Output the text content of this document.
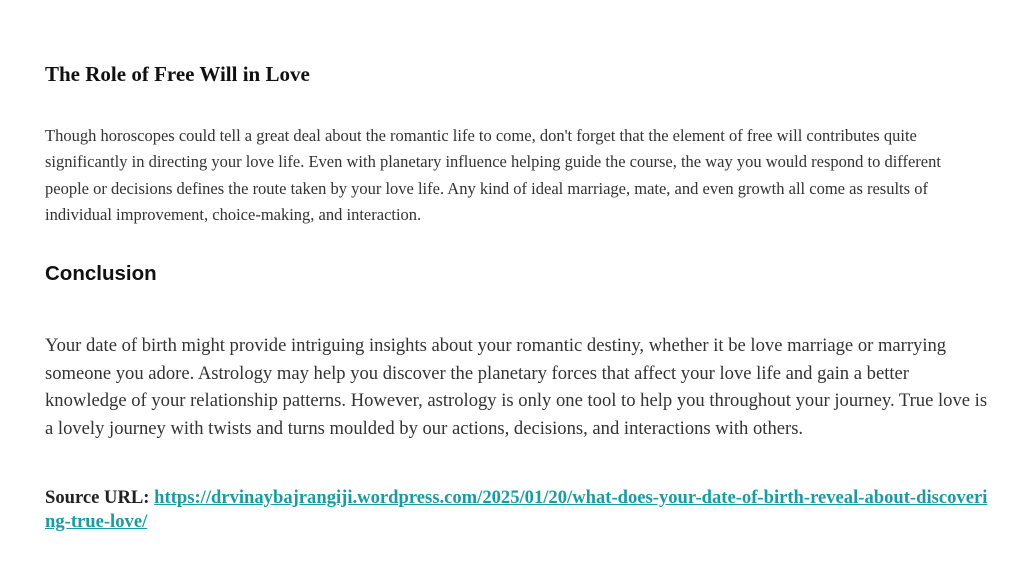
The Role of Free Will in Love

Though horoscopes could tell a great deal about the romantic life to come, don't forget that the element of free will contributes quite significantly in directing your love life. Even with planetary influence helping guide the course, the way you would respond to different people or decisions defines the route taken by your love life. Any kind of ideal marriage, mate, and even growth all come as results of individual improvement, choice-making, and interaction.

Conclusion

Your date of birth might provide intriguing insights about your romantic destiny, whether it be love marriage or marrying someone you adore. Astrology may help you discover the planetary forces that affect your love life and gain a better knowledge of your relationship patterns. However, astrology is only one tool to help you throughout your journey. True love is a lovely journey with twists and turns moulded by our actions, decisions, and interactions with others.

Source URL: https://drvinaybajrangiji.wordpress.com/2025/01/20/what-does-your-date-of-birth-reveal-about-discovering-true-love/
